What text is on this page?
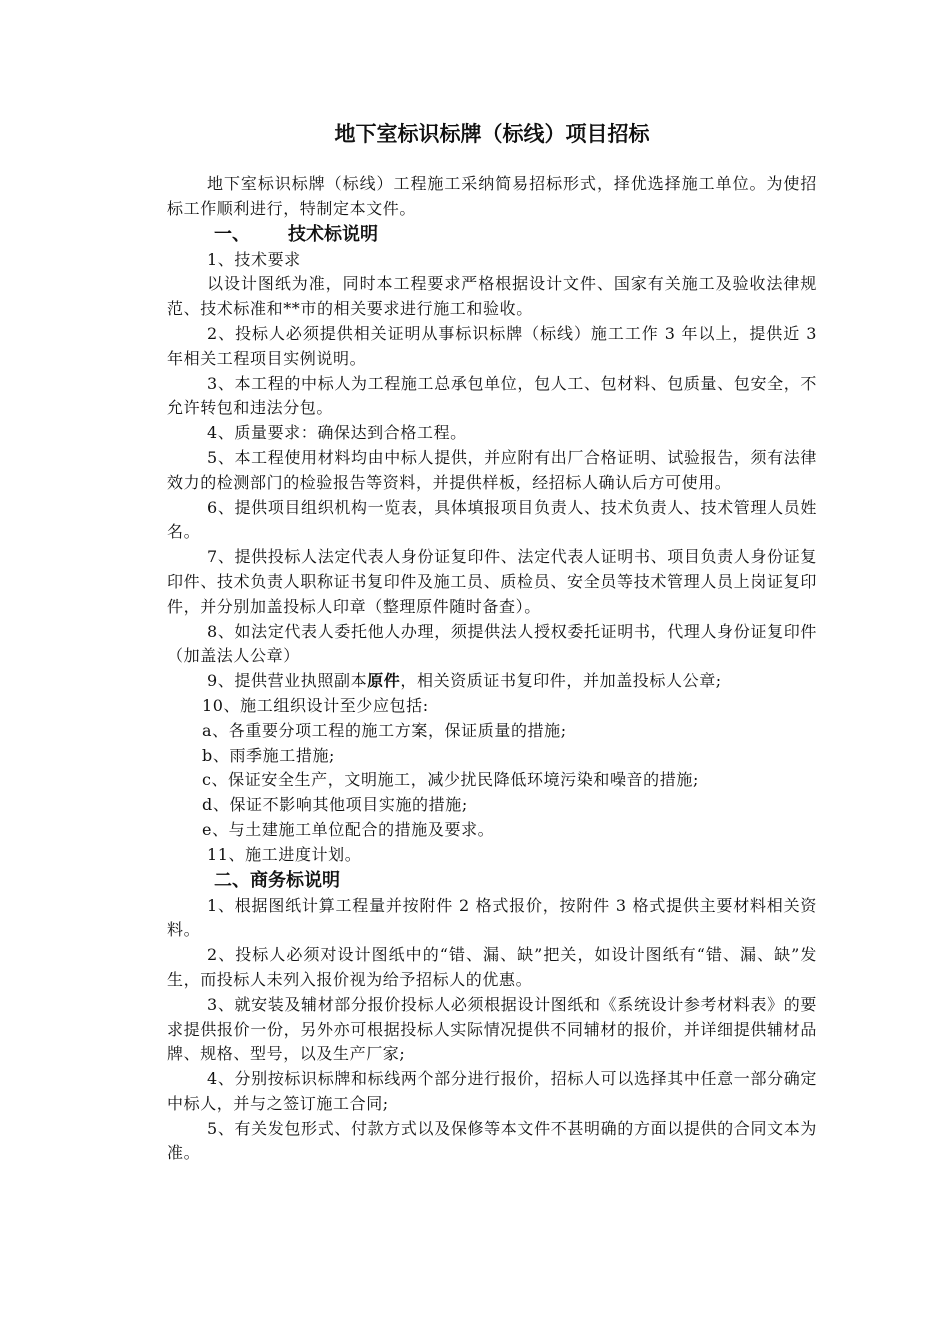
地下室标识标牌（标线）项目招标

地下室标识标牌（标线）工程施工采纳简易招标形式，择优选择施工单位。为使招标工作顺利进行，特制定本文件。

一、 技术标说明

1、技术要求

以设计图纸为准，同时本工程要求严格根据设计文件、国家有关施工及验收法律规范、技术标准和**市的相关要求进行施工和验收。

2、投标人必须提供相关证明从事标识标牌（标线）施工工作 3 年以上，提供近 3 年相关工程项目实例说明。

3、本工程的中标人为工程施工总承包单位，包人工、包材料、包质量、包安全，不允许转包和违法分包。

4、质量要求：确保达到合格工程。

5、本工程使用材料均由中标人提供，并应附有出厂合格证明、试验报告，须有法律效力的检测部门的检验报告等资料，并提供样板，经招标人确认后方可使用。

6、提供项目组织机构一览表，具体填报项目负责人、技术负责人、技术管理人员姓名。

7、提供投标人法定代表人身份证复印件、法定代表人证明书、项目负责人身份证复印件、技术负责人职称证书复印件及施工员、质检员、安全员等技术管理人员上岗证复印件，并分别加盖投标人印章（整理原件随时备查）。

8、如法定代表人委托他人办理，须提供法人授权委托证明书，代理人身份证复印件（加盖法人公章）

9、提供营业执照副本原件，相关资质证书复印件，并加盖投标人公章;

10、施工组织设计至少应包括:

a、各重要分项工程的施工方案，保证质量的措施;

b、雨季施工措施;

c、保证安全生产，文明施工，减少扰民降低环境污染和噪音的措施;

d、保证不影响其他项目实施的措施;

e、与土建施工单位配合的措施及要求。

11、施工进度计划。

二、商务标说明

1、根据图纸计算工程量并按附件 2 格式报价，按附件 3 格式提供主要材料相关资料。

2、投标人必须对设计图纸中的“错、漏、缺”把关，如设计图纸有“错、漏、缺”发生，而投标人未列入报价视为给予招标人的优惠。

3、就安装及辅材部分报价投标人必须根据设计图纸和《系统设计参考材料表》的要求提供报价一份，另外亦可根据投标人实际情况提供不同辅材的报价，并详细提供辅材品牌、规格、型号，以及生产厂家;

4、分别按标识标牌和标线两个部分进行报价，招标人可以选择其中任意一部分确定中标人，并与之签订施工合同;

5、有关发包形式、付款方式以及保修等本文件不甚明确的方面以提供的合同文本为准。
